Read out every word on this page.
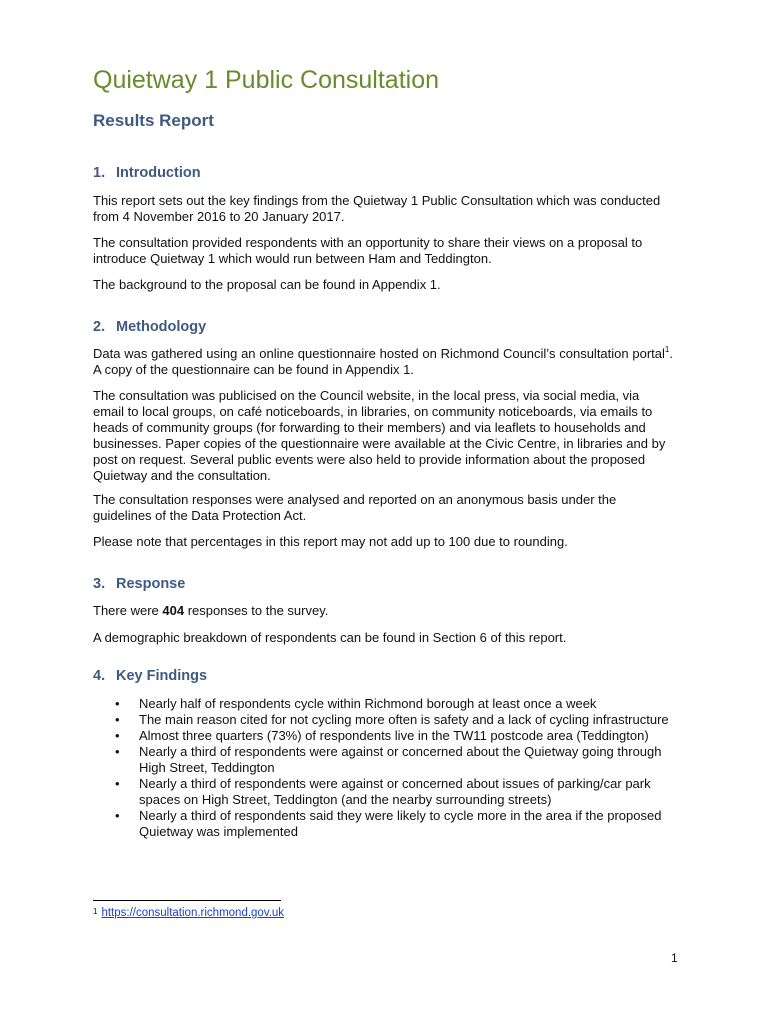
Quietway 1 Public Consultation
Results Report
1. Introduction

This report sets out the key findings from the Quietway 1 Public Consultation which was conducted from 4 November 2016 to 20 January 2017.

The consultation provided respondents with an opportunity to share their views on a proposal to introduce Quietway 1 which would run between Ham and Teddington.

The background to the proposal can be found in Appendix 1.

2. Methodology

Data was gathered using an online questionnaire hosted on Richmond Council’s consultation portal$^1$. A copy of the questionnaire can be found in Appendix 1.

The consultation was publicised on the Council website, in the local press, via social media, via email to local groups, on café noticeboards, in libraries, on community noticeboards, via emails to heads of community groups (for forwarding to their members) and via leaflets to households and businesses. Paper copies of the questionnaire were available at the Civic Centre, in libraries and by post on request. Several public events were also held to provide information about the proposed Quietway and the consultation.

The consultation responses were analysed and reported on an anonymous basis under the guidelines of the Data Protection Act.

Please note that percentages in this report may not add up to 100 due to rounding.

3. Response

There were 404 responses to the survey.

A demographic breakdown of respondents can be found in Section 6 of this report.

4. Key Findings
• Nearly half of respondents cycle within Richmond borough at least once a week
• The main reason cited for not cycling more often is safety and a lack of cycling infrastructure
• Almost three quarters (73%) of respondents live in the TW11 postcode area (Teddington)
• Nearly a third of respondents were against or concerned about the Quietway going through High Street, Teddington
• Nearly a third of respondents were against or concerned about issues of parking/car park spaces on High Street, Teddington (and the nearby surrounding streets)
• Nearly a third of respondents said they were likely to cycle more in the area if the proposed Quietway was implemented
$^1$ https://consultation.richmond.gov.uk
1
